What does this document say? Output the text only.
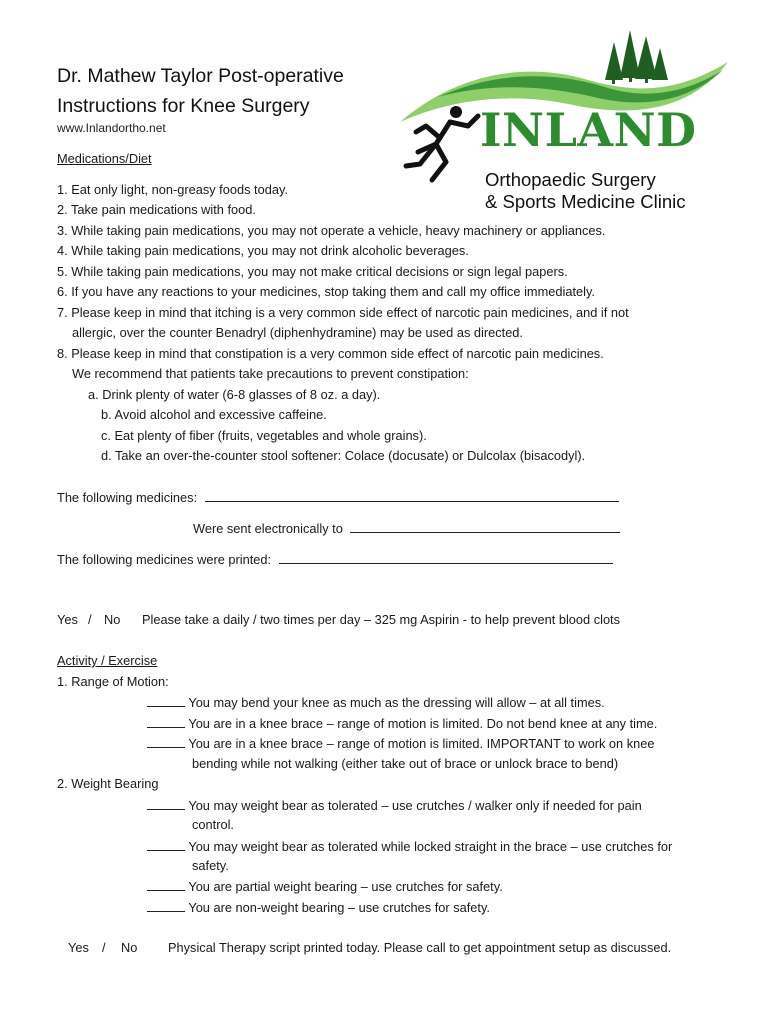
Dr. Mathew Taylor Post-operative
Instructions for Knee Surgery
www.Inlandortho.net	INLAND
Orthopaedic Surgery
& Sports Medicine Clinic
Medications/Diet
1. Eat only light, non-greasy foods today.
2. Take pain medications with food.
3. While taking pain medications, you may not operate a vehicle, heavy machinery or appliances.
4. While taking pain medications, you may not drink alcoholic beverages.
5. While taking pain medications, you may not make critical decisions or sign legal papers.
6. If you have any reactions to your medicines, stop taking them and call my office immediately.
7. Please keep in mind that itching is a very common side effect of narcotic pain medicines, and if not
allergic, over the counter Benadryl (diphenhydramine) may be used as directed.
8. Please keep in mind that constipation is a very common side effect of narcotic pain medicines.
We recommend that patients take precautions to prevent constipation:
a. Drink plenty of water (6-8 glasses of 8 oz. a day).
b. Avoid alcohol and excessive caffeine.
c. Eat plenty of fiber (fruits, vegetables and whole grains).
d. Take an over-the-counter stool softener: Colace (docusate) or Dulcolax (bisacodyl).
The following medicines:
Were sent electronically to
The following medicines were printed:
Yes / No Please take a daily / two times per day – 325 mg Aspirin - to help prevent blood clots
Activity / Exercise
1. Range of Motion:
You may bend your knee as much as the dressing will allow – at all times.
You are in a knee brace – range of motion is limited. Do not bend knee at any time.
You are in a knee brace – range of motion is limited. IMPORTANT to work on knee
bending while not walking (either take out of brace or unlock brace to bend)
2. Weight Bearing
You may weight bear as tolerated – use crutches / walker only if needed for pain
control.
You may weight bear as tolerated while locked straight in the brace – use crutches for
safety.
You are partial weight bearing – use crutches for safety.
You are non-weight bearing – use crutches for safety.
Yes / No Physical Therapy script printed today. Please call to get appointment setup as discussed.
